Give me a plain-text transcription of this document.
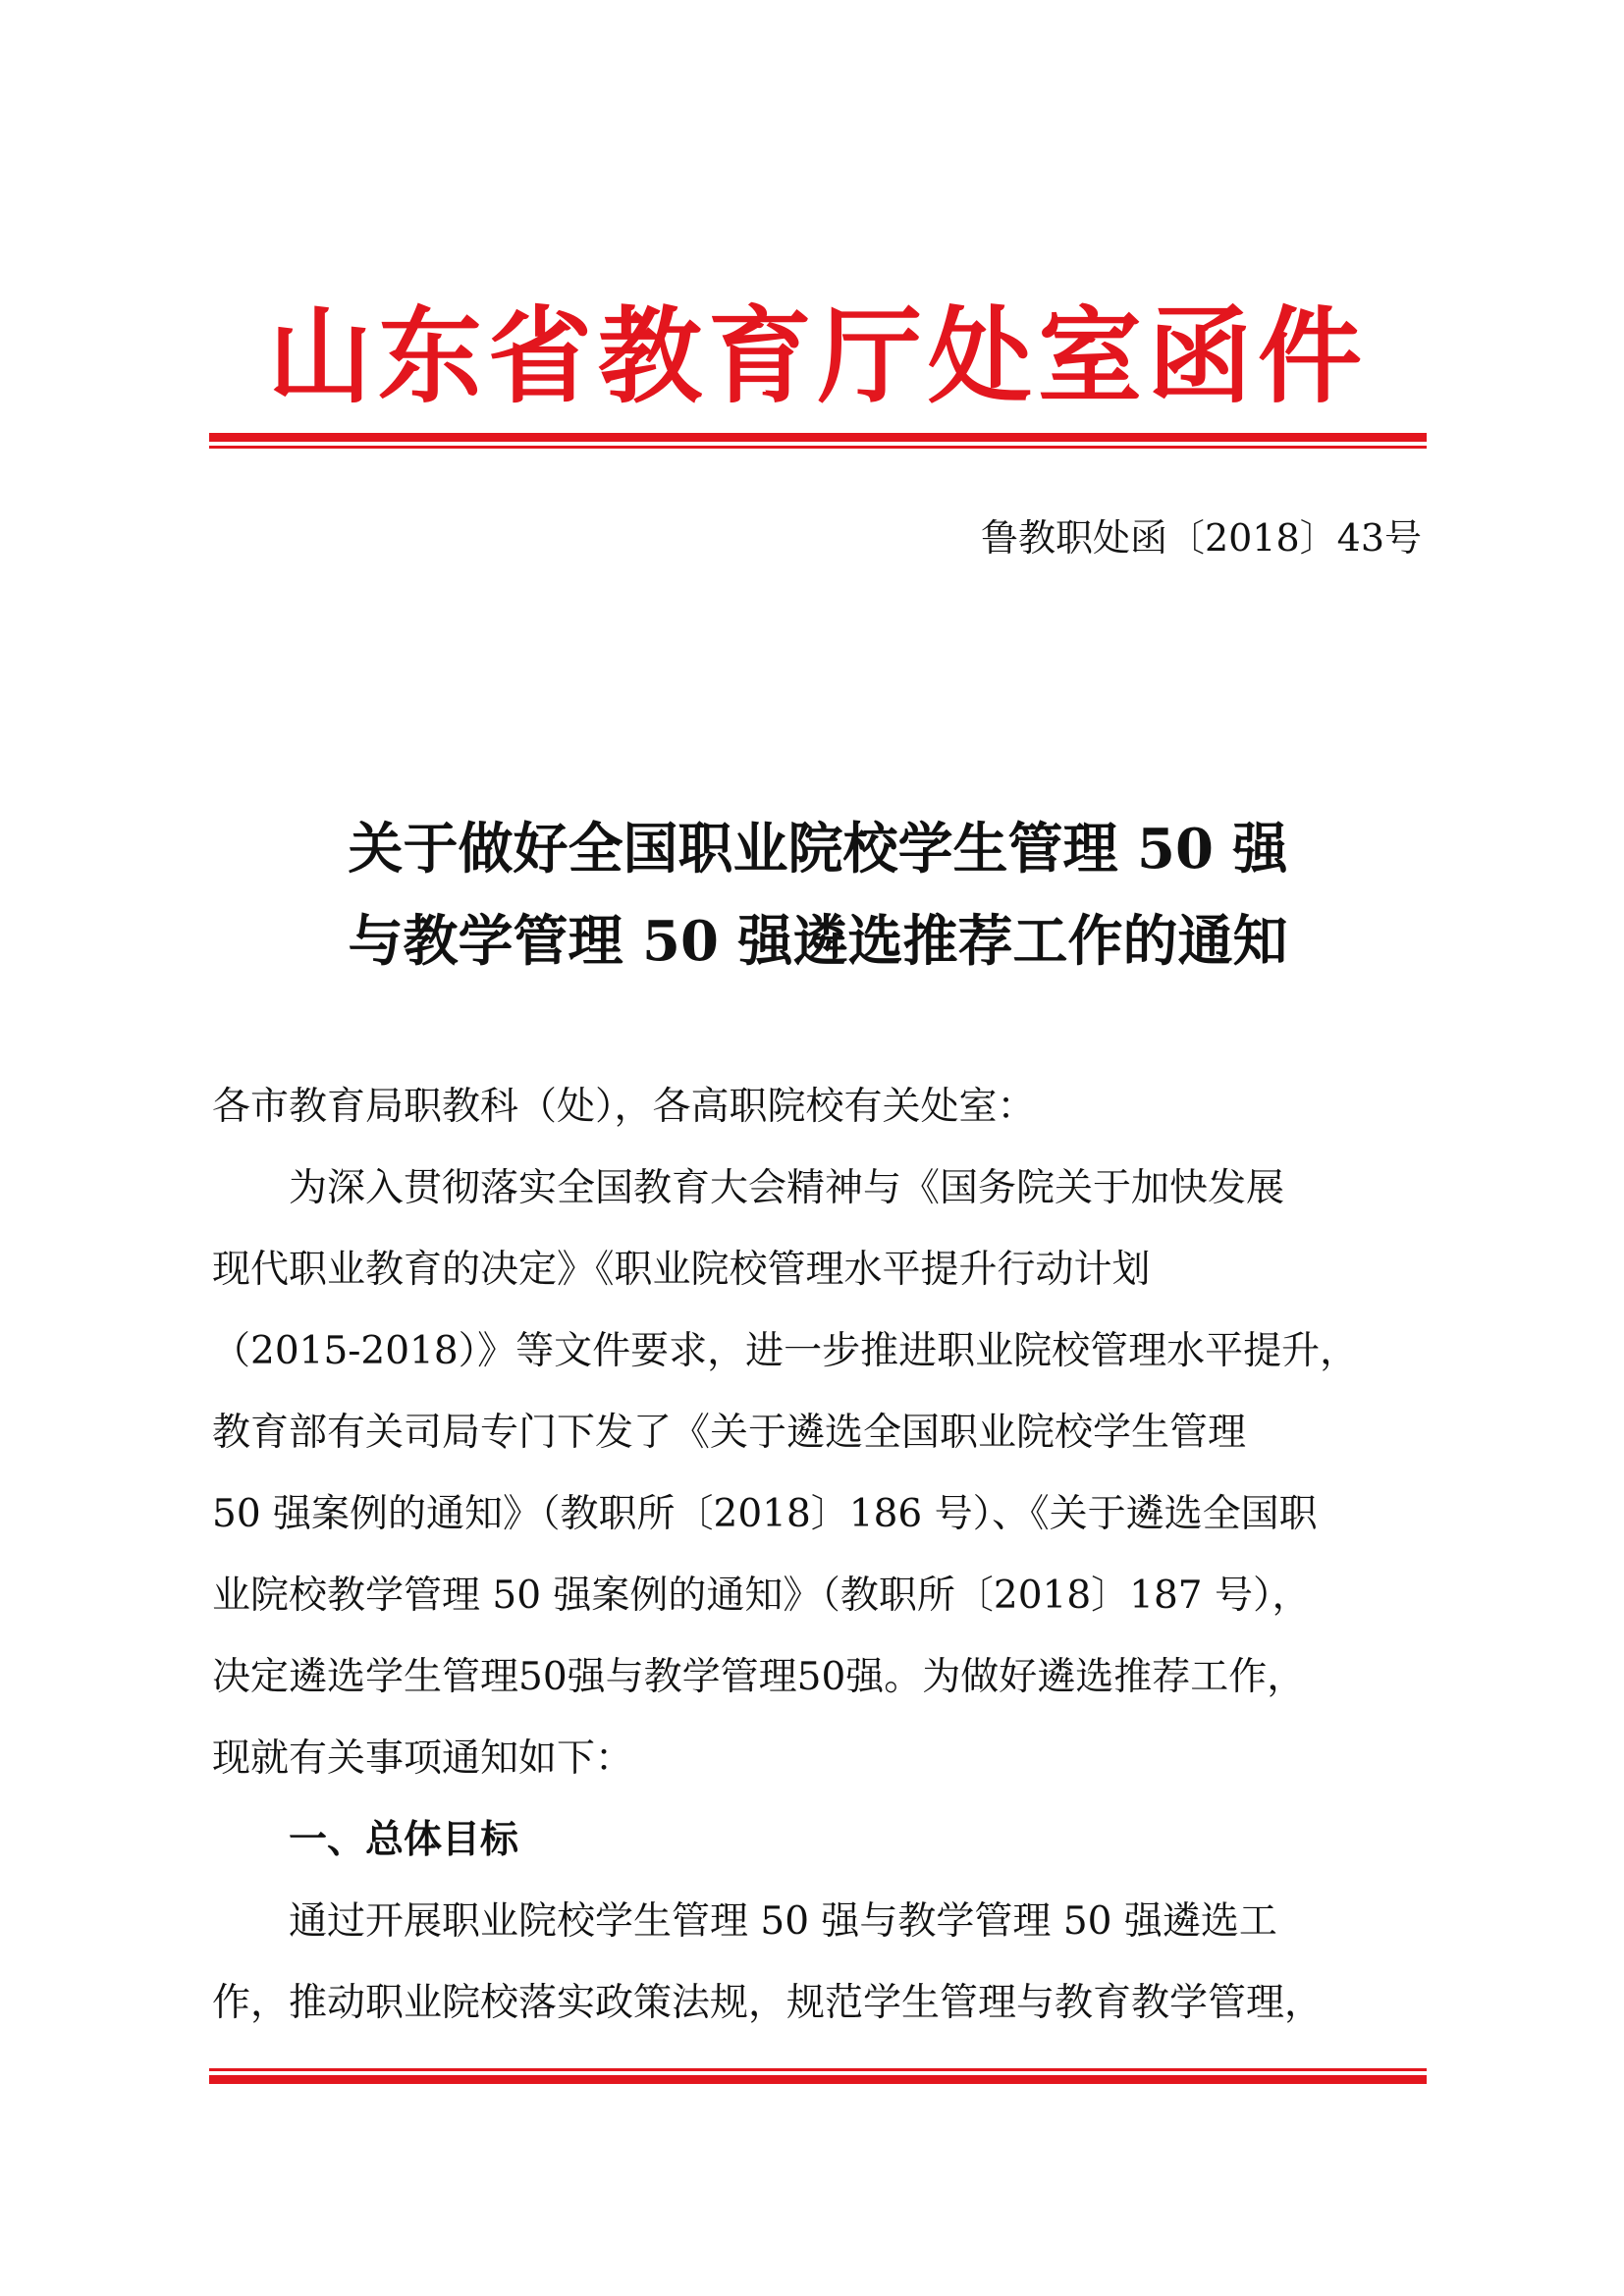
山东省教育厅处室函件
鲁教职处函〔2018〕43号
关于做好全国职业院校学生管理 50 强
与教学管理 50 强遴选推荐工作的通知

各市教育局职教科（处），各高职院校有关处室：

　　为深入贯彻落实全国教育大会精神与《国务院关于加快发展

现代职业教育的决定》《职业院校管理水平提升行动计划

（2015-2018）》等文件要求，进一步推进职业院校管理水平提升，

教育部有关司局专门下发了《关于遴选全国职业院校学生管理

50 强案例的通知》（教职所〔2018〕186 号）、《关于遴选全国职

业院校教学管理 50 强案例的通知》（教职所〔2018〕187 号），

决定遴选学生管理50强与教学管理50强。为做好遴选推荐工作，

现就有关事项通知如下：

　　一、总体目标

　　通过开展职业院校学生管理 50 强与教学管理 50 强遴选工

作，推动职业院校落实政策法规，规范学生管理与教育教学管理，
